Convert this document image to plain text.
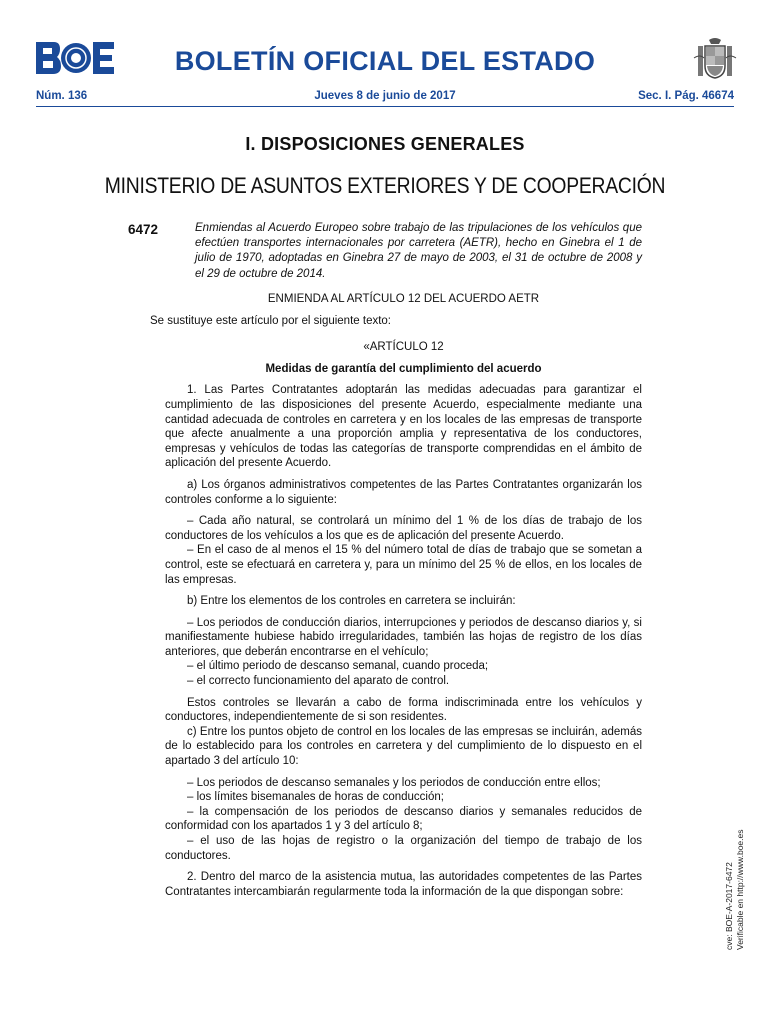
BOLETÍN OFICIAL DEL ESTADO
Núm. 136	Jueves 8 de junio de 2017	Sec. I. Pág. 46674
I. DISPOSICIONES GENERALES
MINISTERIO DE ASUNTOS EXTERIORES Y DE COOPERACIÓN
6472	Enmiendas al Acuerdo Europeo sobre trabajo de las tripulaciones de los vehículos que efectúen transportes internacionales por carretera (AETR), hecho en Ginebra el 1 de julio de 1970, adoptadas en Ginebra 27 de mayo de 2003, el 31 de octubre de 2008 y el 29 de octubre de 2014.

ENMIENDA AL ARTÍCULO 12 DEL ACUERDO AETR

Se sustituye este artículo por el siguiente texto:

«ARTÍCULO 12

Medidas de garantía del cumplimiento del acuerdo

1. Las Partes Contratantes adoptarán las medidas adecuadas para garantizar el cumplimiento de las disposiciones del presente Acuerdo, especialmente mediante una cantidad adecuada de controles en carretera y en los locales de las empresas de transporte que afecte anualmente a una proporción amplia y representativa de los conductores, empresas y vehículos de todas las categorías de transporte comprendidas en el ámbito de aplicación del presente Acuerdo.

a) Los órganos administrativos competentes de las Partes Contratantes organizarán los controles conforme a lo siguiente:

– Cada año natural, se controlará un mínimo del 1 % de los días de trabajo de los conductores de los vehículos a los que es de aplicación del presente Acuerdo.

– En el caso de al menos el 15 % del número total de días de trabajo que se sometan a control, este se efectuará en carretera y, para un mínimo del 25 % de ellos, en los locales de las empresas.

b) Entre los elementos de los controles en carretera se incluirán:

– Los periodos de conducción diarios, interrupciones y periodos de descanso diarios y, si manifiestamente hubiese habido irregularidades, también las hojas de registro de los días anteriores, que deberán encontrarse en el vehículo;

– el último periodo de descanso semanal, cuando proceda;

– el correcto funcionamiento del aparato de control.

Estos controles se llevarán a cabo de forma indiscriminada entre los vehículos y conductores, independientemente de si son residentes.

c) Entre los puntos objeto de control en los locales de las empresas se incluirán, además de lo establecido para los controles en carretera y del cumplimiento de lo dispuesto en el apartado 3 del artículo 10:

– Los periodos de descanso semanales y los periodos de conducción entre ellos;

– los límites bisemanales de horas de conducción;

– la compensación de los periodos de descanso diarios y semanales reducidos de conformidad con los apartados 1 y 3 del artículo 8;

– el uso de las hojas de registro o la organización del tiempo de trabajo de los conductores.

2. Dentro del marco de la asistencia mutua, las autoridades competentes de las Partes Contratantes intercambiarán regularmente toda la información de la que dispongan sobre:	cve: BOE-A-2017-6472 Verificable en http://www.boe.es
